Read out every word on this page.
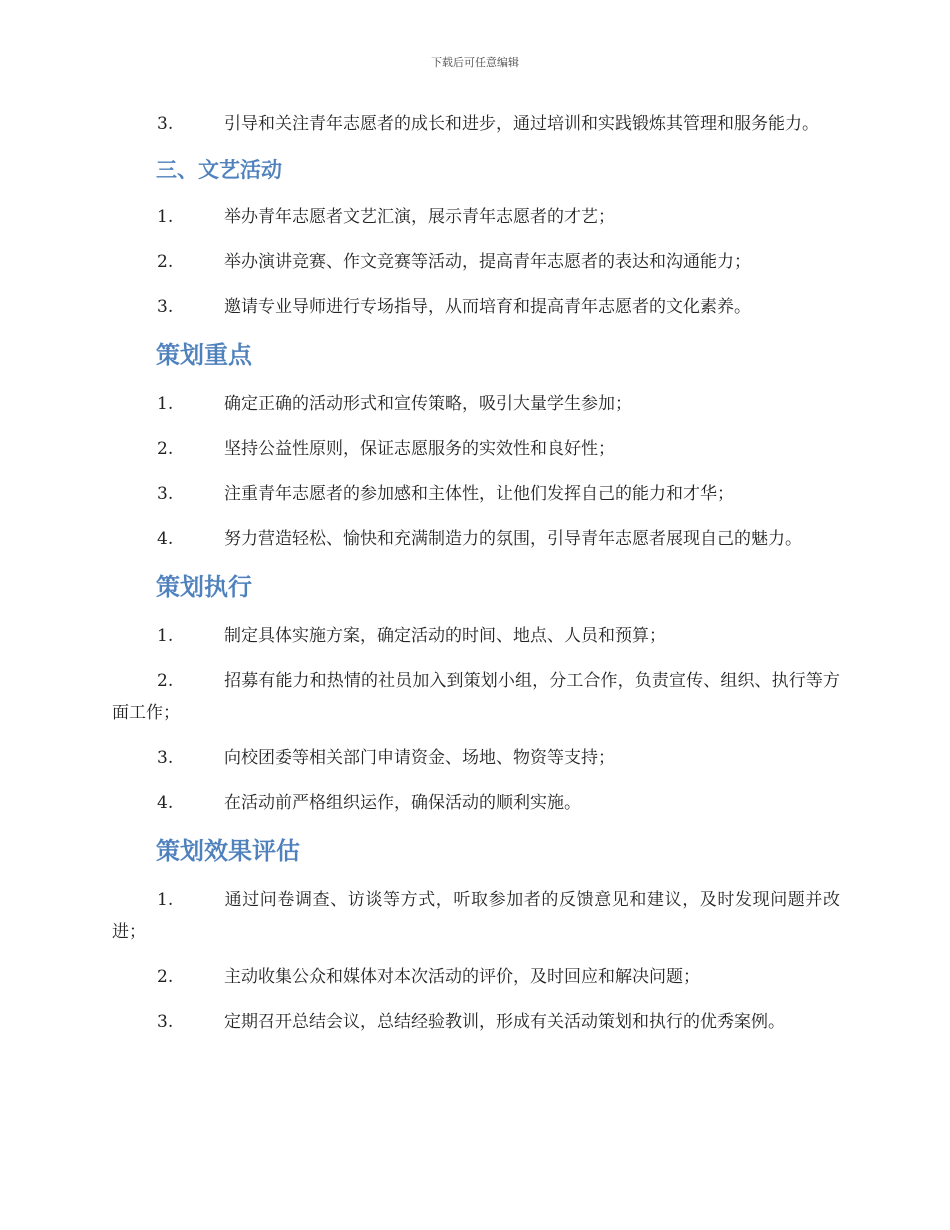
下载后可任意编辑

3.	引导和关注青年志愿者的成长和进步，通过培训和实践锻炼其管理和服务能力。

三、文艺活动

1.	举办青年志愿者文艺汇演，展示青年志愿者的才艺；

2.	举办演讲竞赛、作文竞赛等活动，提高青年志愿者的表达和沟通能力；

3.	邀请专业导师进行专场指导，从而培育和提高青年志愿者的文化素养。

策划重点

1.	确定正确的活动形式和宣传策略，吸引大量学生参加；

2.	坚持公益性原则，保证志愿服务的实效性和良好性；

3.	注重青年志愿者的参加感和主体性，让他们发挥自己的能力和才华；

4.	努力营造轻松、愉快和充满制造力的氛围，引导青年志愿者展现自己的魅力。

策划执行

1.	制定具体实施方案，确定活动的时间、地点、人员和预算；

2.	招募有能力和热情的社员加入到策划小组，分工合作，负责宣传、组织、执行等方面工作；

3.	向校团委等相关部门申请资金、场地、物资等支持；

4.	在活动前严格组织运作，确保活动的顺利实施。

策划效果评估

1.	通过问卷调查、访谈等方式，听取参加者的反馈意见和建议，及时发现问题并改进；

2.	主动收集公众和媒体对本次活动的评价，及时回应和解决问题；

3.	定期召开总结会议，总结经验教训，形成有关活动策划和执行的优秀案例。
